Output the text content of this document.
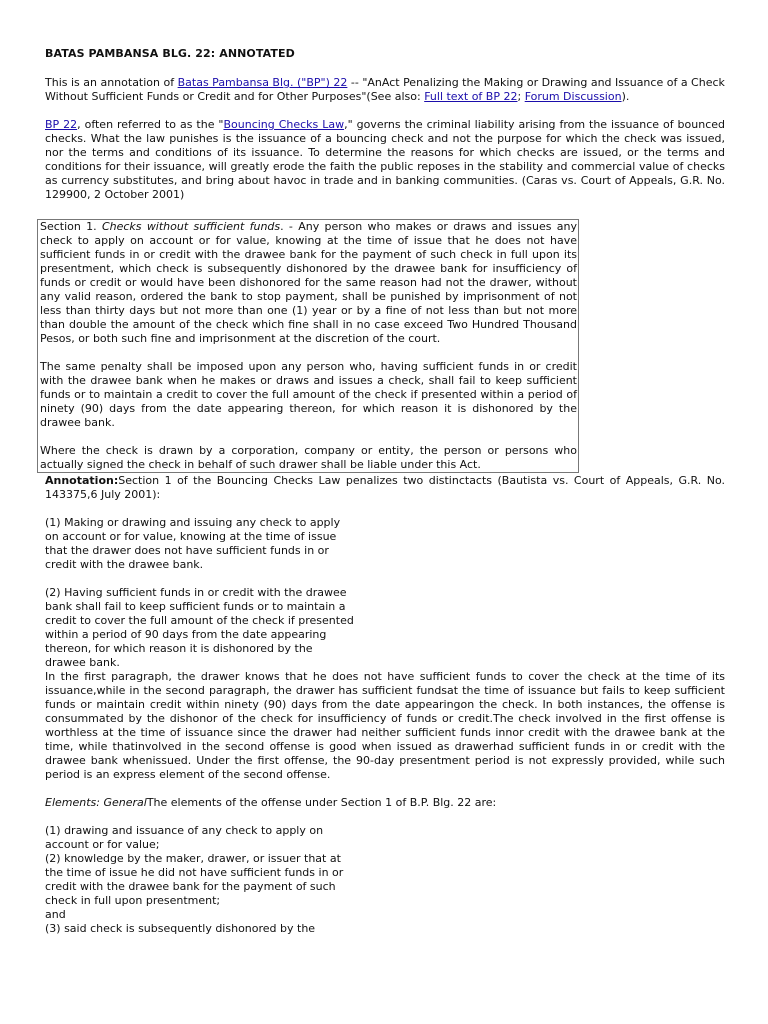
BATAS PAMBANSA BLG. 22: ANNOTATED

This is an annotation of Batas Pambansa Blg. ("BP") 22 -- "AnAct Penalizing the Making or Drawing and Issuance of a Check Without Sufficient Funds or Credit and for Other Purposes"(See also: Full text of BP 22; Forum Discussion).

BP 22, often referred to as the "Bouncing Checks Law," governs the criminal liability arising from the issuance of bounced checks. What the law punishes is the issuance of a bouncing check and not the purpose for which the check was issued, nor the terms and conditions of its issuance. To determine the reasons for which checks are issued, or the terms and conditions for their issuance, will greatly erode the faith the public reposes in the stability and commercial value of checks as currency substitutes, and bring about havoc in trade and in banking communities. (Caras vs. Court of Appeals, G.R. No. 129900, 2 October 2001)

Section 1. Checks without sufficient funds. - Any person who makes or draws and issues any check to apply on account or for value, knowing at the time of issue that he does not have sufficient funds in or credit with the drawee bank for the payment of such check in full upon its presentment, which check is subsequently dishonored by the drawee bank for insufficiency of funds or credit or would have been dishonored for the same reason had not the drawer, without any valid reason, ordered the bank to stop payment, shall be punished by imprisonment of not less than thirty days but not more than one (1) year or by a fine of not less than but not more than double the amount of the check which fine shall in no case exceed Two Hundred Thousand Pesos, or both such fine and imprisonment at the discretion of the court.

The same penalty shall be imposed upon any person who, having sufficient funds in or credit with the drawee bank when he makes or draws and issues a check, shall fail to keep sufficient funds or to maintain a credit to cover the full amount of the check if presented within a period of ninety (90) days from the date appearing thereon, for which reason it is dishonored by the drawee bank.

Where the check is drawn by a corporation, company or entity, the person or persons who actually signed the check in behalf of such drawer shall be liable under this Act.

Annotation:Section 1 of the Bouncing Checks Law penalizes two distinctacts (Bautista vs. Court of Appeals, G.R. No. 143375,6 July 2001):

(1) Making or drawing and issuing any check to apply on account or for value, knowing at the time of issue that the drawer does not have sufficient funds in or credit with the drawee bank.

(2) Having sufficient funds in or credit with the drawee bank shall fail to keep sufficient funds or to maintain a credit to cover the full amount of the check if presented within a period of 90 days from the date appearing thereon, for which reason it is dishonored by the drawee bank.

In the first paragraph, the drawer knows that he does not have sufficient funds to cover the check at the time of its issuance,while in the second paragraph, the drawer has sufficient fundsat the time of issuance but fails to keep sufficient funds or maintain credit within ninety (90) days from the date appearingon the check. In both instances, the offense is consummated by the dishonor of the check for insufficiency of funds or credit.The check involved in the first offense is worthless at the time of issuance since the drawer had neither sufficient funds innor credit with the drawee bank at the time, while thatinvolved in the second offense is good when issued as drawerhad sufficient funds in or credit with the drawee bank whenissued. Under the first offense, the 90-day presentment period is not expressly provided, while such period is an express element of the second offense.

Elements: GeneralThe elements of the offense under Section 1 of B.P. Blg. 22 are:

(1) drawing and issuance of any check to apply on account or for value;

(2) knowledge by the maker, drawer, or issuer that at the time of issue he did not have sufficient funds in or credit with the drawee bank for the payment of such check in full upon presentment;

and

(3) said check is subsequently dishonored by the
